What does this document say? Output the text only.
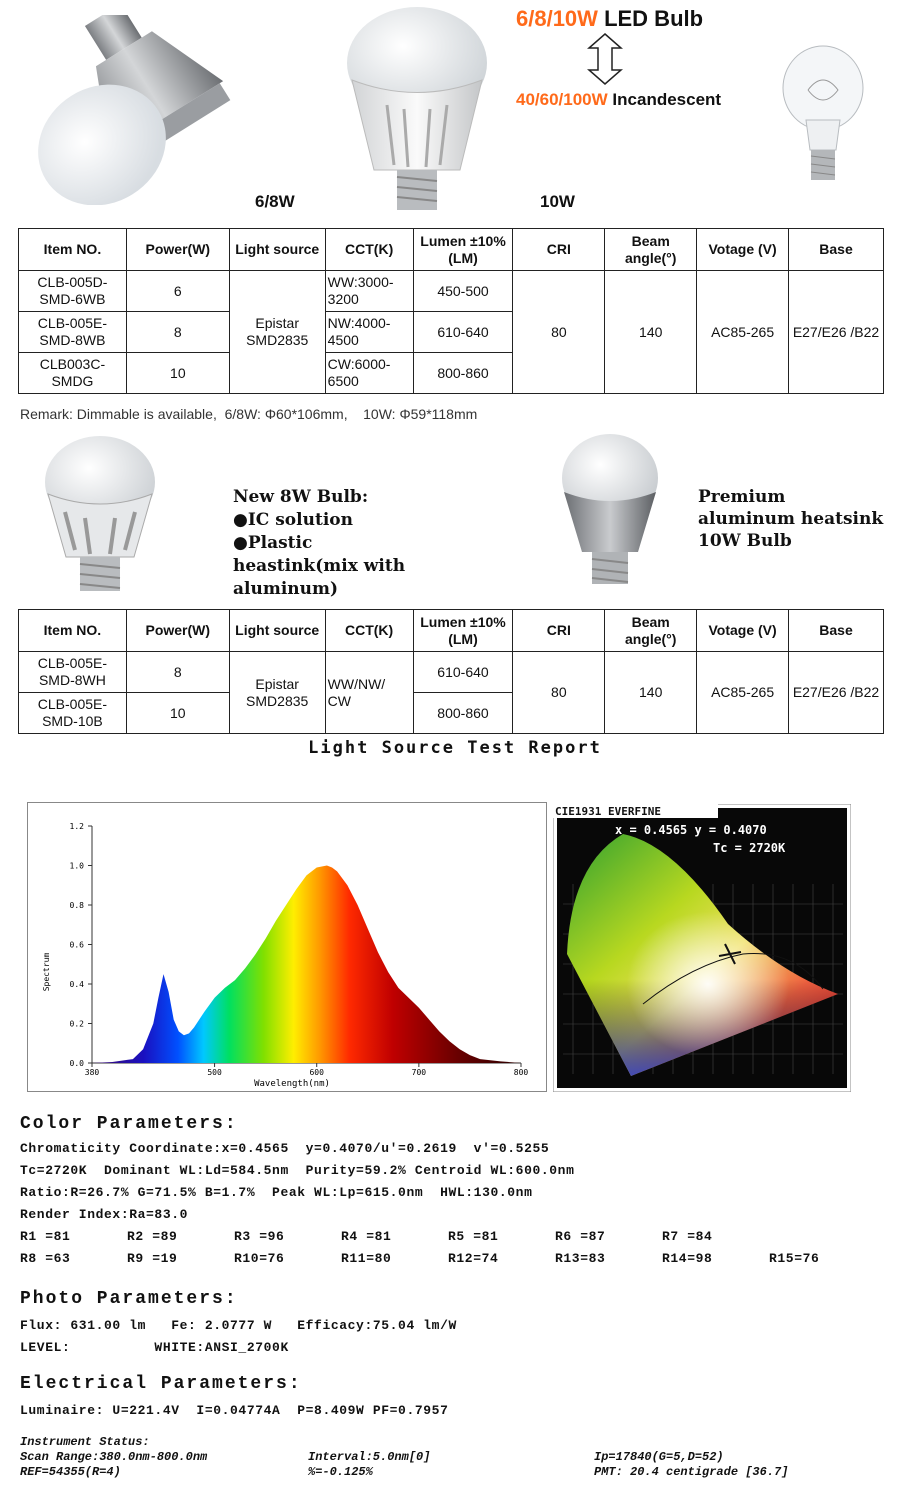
6/8/10W LED Bulb
40/60/100W Incandescent
6/8W	10W
Item NO.	Power(W)	Light source	CCT(K)	Lumen ±10% (LM)	CRI	Beam angle(°)	Votage (V)	Base
CLB-005D-SMD-6WB	6	Epistar SMD2835	WW:3000-3200	450-500	80	140	AC85-265	E27/E26 /B22
CLB-005E-SMD-8WB	8		NW:4000-4500	610-640				
CLB003C-SMDG	10		CW:6000-6500	800-860				
Remark: Dimmable is available,  6/8W: Φ60*106mm,    10W: Φ59*118mm
New 8W Bulb:
●IC solution
●Plastic heastink(mix with aluminum)
Premium aluminum heatsink 10W Bulb
Item NO.	Power(W)	Light source	CCT(K)	Lumen ±10% (LM)	CRI	Beam angle(°)	Votage (V)	Base
CLB-005E-SMD-8WH	8	Epistar SMD2835	WW/NW/ CW	610-640	80	140	AC85-265	E27/E26 /B22
CLB-005E-SMD-10B	10			800-860				
Light Source Test Report
0.0
0.2
0.4
0.6
0.8
1.0
1.2
380	500	600	700	800
Spectrum
Wavelength(nm)
CIE1931 EVERFINE
x = 0.4565 y = 0.4070
Tc = 2720K
Color Parameters:
Chromaticity Coordinate:x=0.4565  y=0.4070/u'=0.2619  v'=0.5255
Tc=2720K  Dominant WL:Ld=584.5nm  Purity=59.2% Centroid WL:600.0nm
Ratio:R=26.7% G=71.5% B=1.7%  Peak WL:Lp=615.0nm  HWL:130.0nm
Render Index:Ra=83.0
R1 =81	R2 =89	R3 =96	R4 =81	R5 =81	R6 =87	R7 =84
R8 =63	R9 =19	R10=76	R11=80	R12=74	R13=83	R14=98	R15=76
Photo Parameters:
Flux: 631.00 lm   Fe: 2.0777 W   Efficacy:75.04 lm/W
LEVEL:          WHITE:ANSI_2700K
Electrical Parameters:
Luminaire: U=221.4V  I=0.04774A  P=8.409W PF=0.7957
Instrument Status:
Scan Range:380.0nm-800.0nm	Interval:5.0nm[0]	Ip=17840(G=5,D=52)
REF=54355(R=4)	%=-0.125%	PMT: 20.4 centigrade [36.7]
